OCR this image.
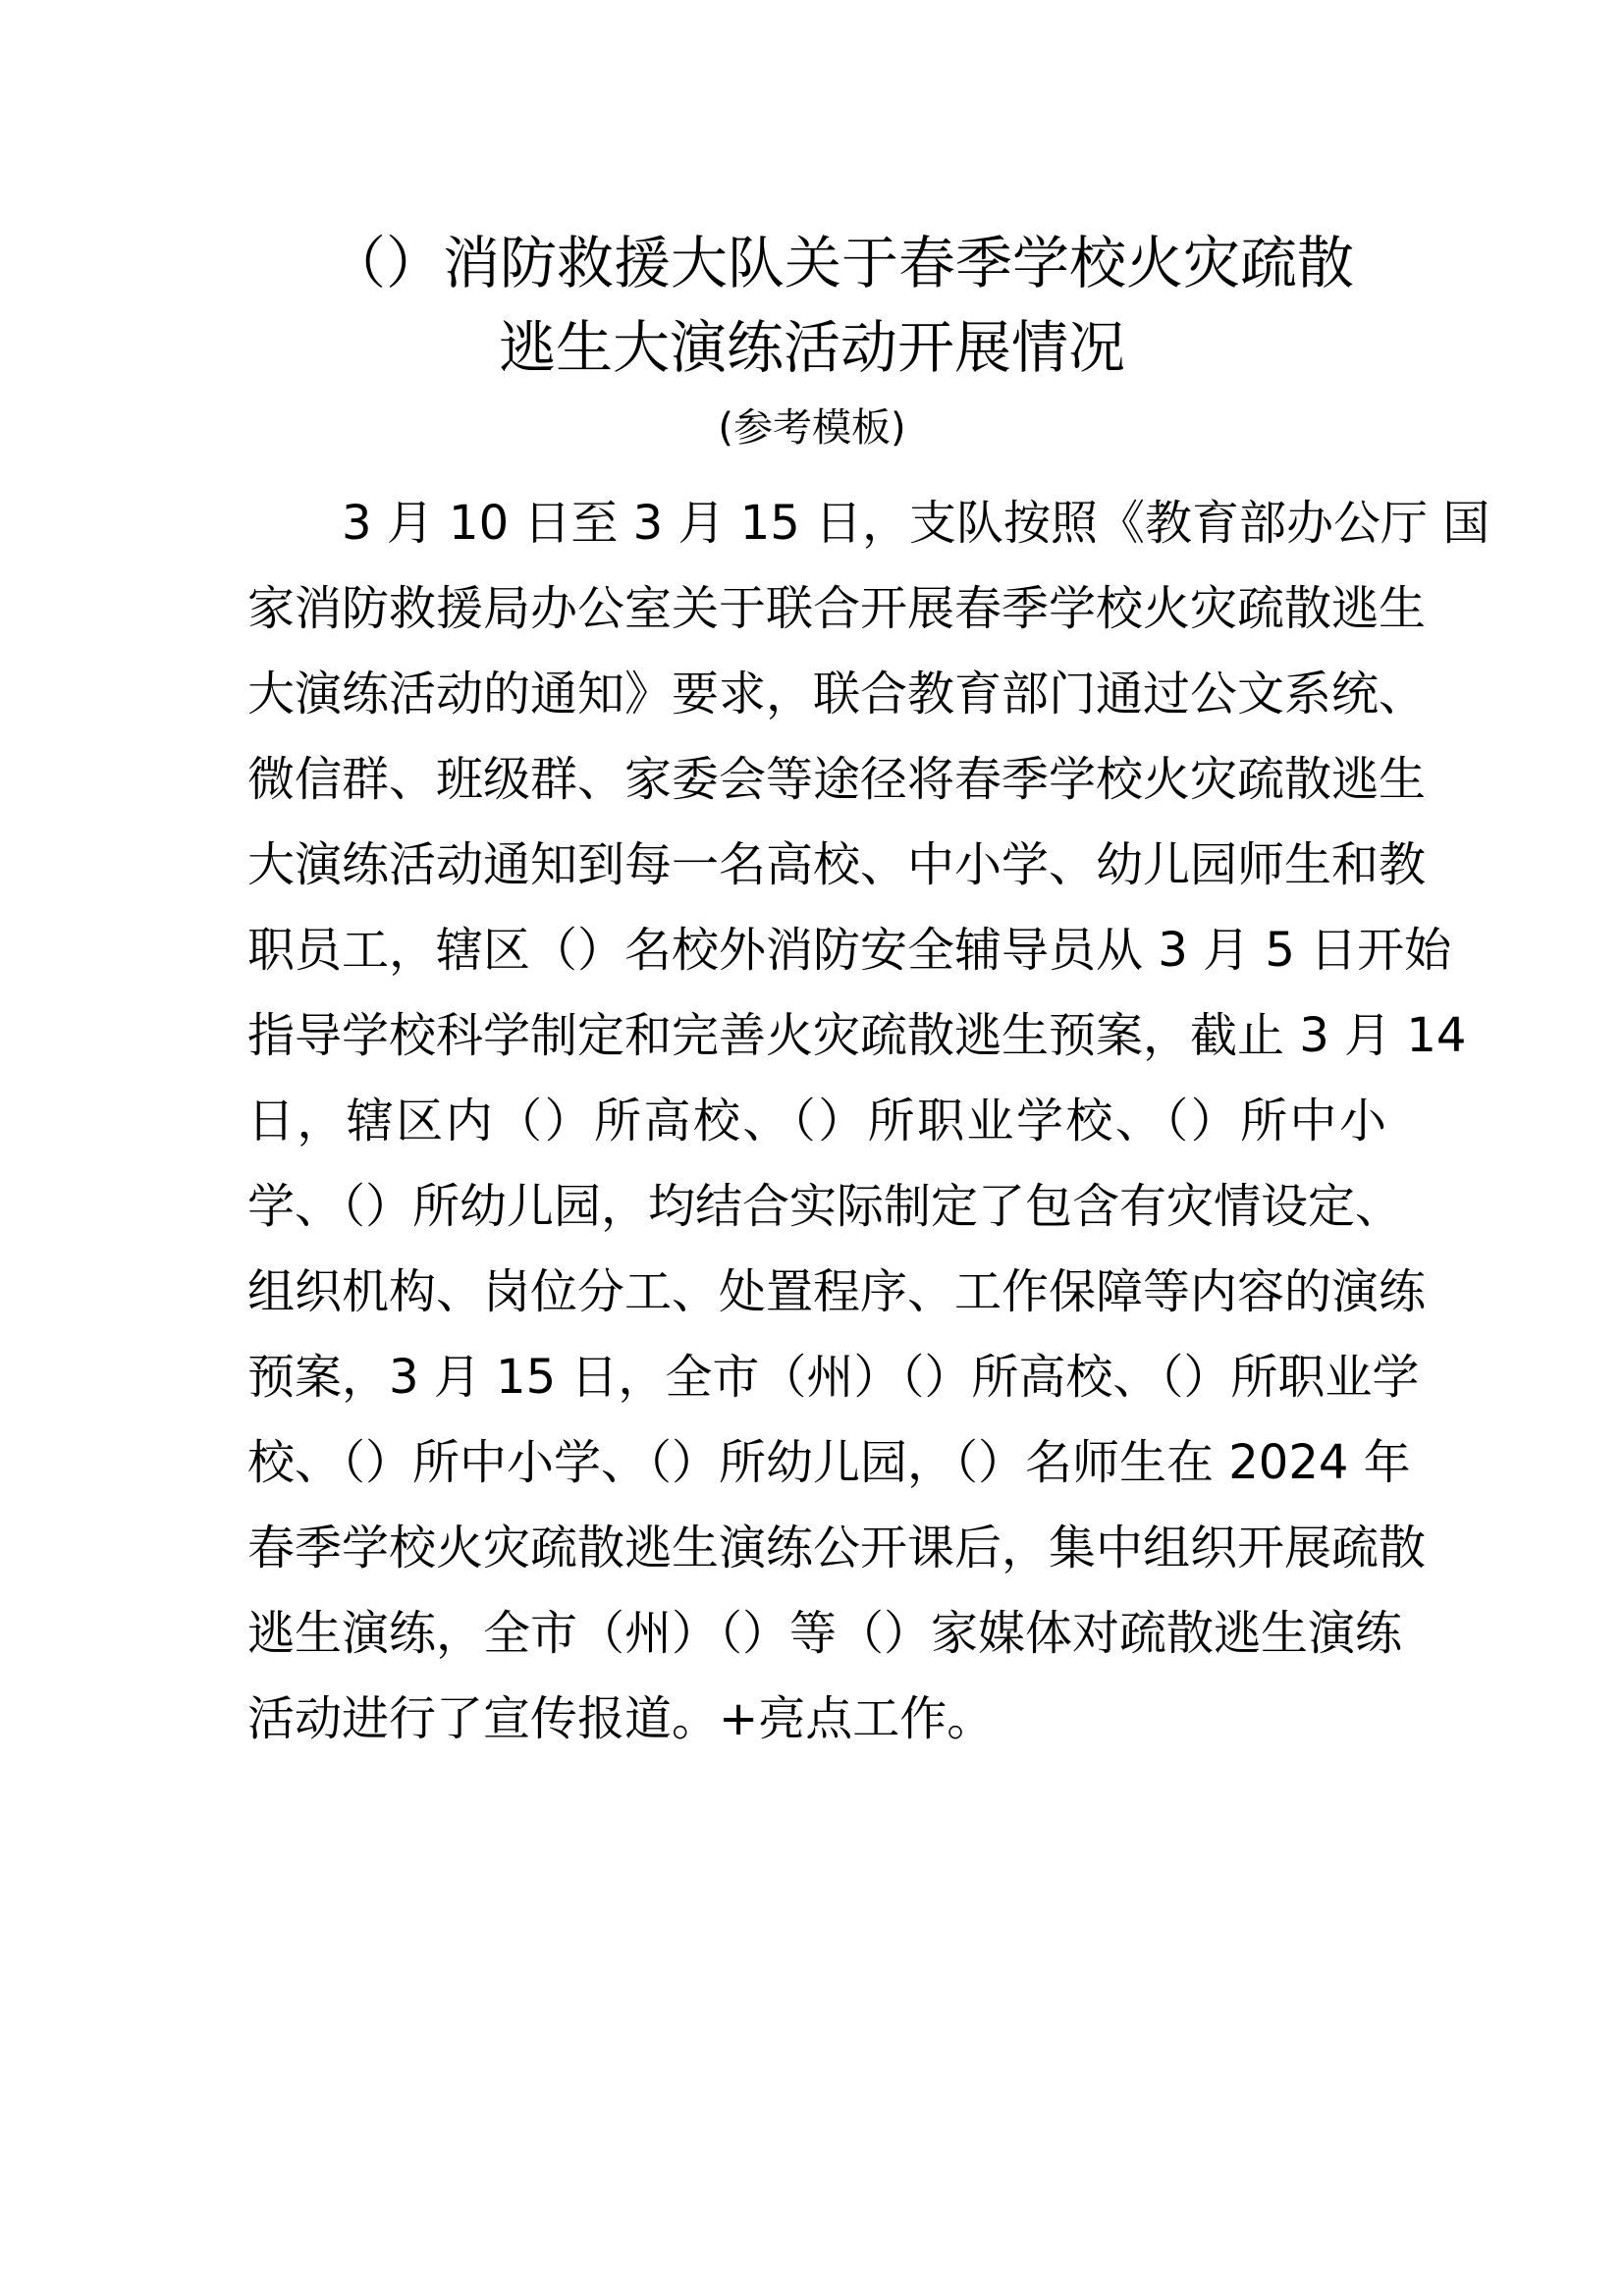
（）消防救援大队关于春季学校火灾疏散
逃生大演练活动开展情况
(参考模板)
3 月 10 日至 3 月 15 日，支队按照《教育部办公厅 国
家消防救援局办公室关于联合开展春季学校火灾疏散逃生
大演练活动的通知》要求，联合教育部门通过公文系统、
微信群、班级群、家委会等途径将春季学校火灾疏散逃生
大演练活动通知到每一名高校、中小学、幼儿园师生和教
职员工，辖区（）名校外消防安全辅导员从 3 月 5 日开始
指导学校科学制定和完善火灾疏散逃生预案，截止 3 月 14
日，辖区内（）所高校、（）所职业学校、（）所中小
学、（）所幼儿园，均结合实际制定了包含有灾情设定、
组织机构、岗位分工、处置程序、工作保障等内容的演练
预案，3 月 15 日，全市（州）（）所高校、（）所职业学
校、（）所中小学、（）所幼儿园，（）名师生在 2024 年
春季学校火灾疏散逃生演练公开课后，集中组织开展疏散
逃生演练，全市（州）（）等（）家媒体对疏散逃生演练
活动进行了宣传报道。+亮点工作。
